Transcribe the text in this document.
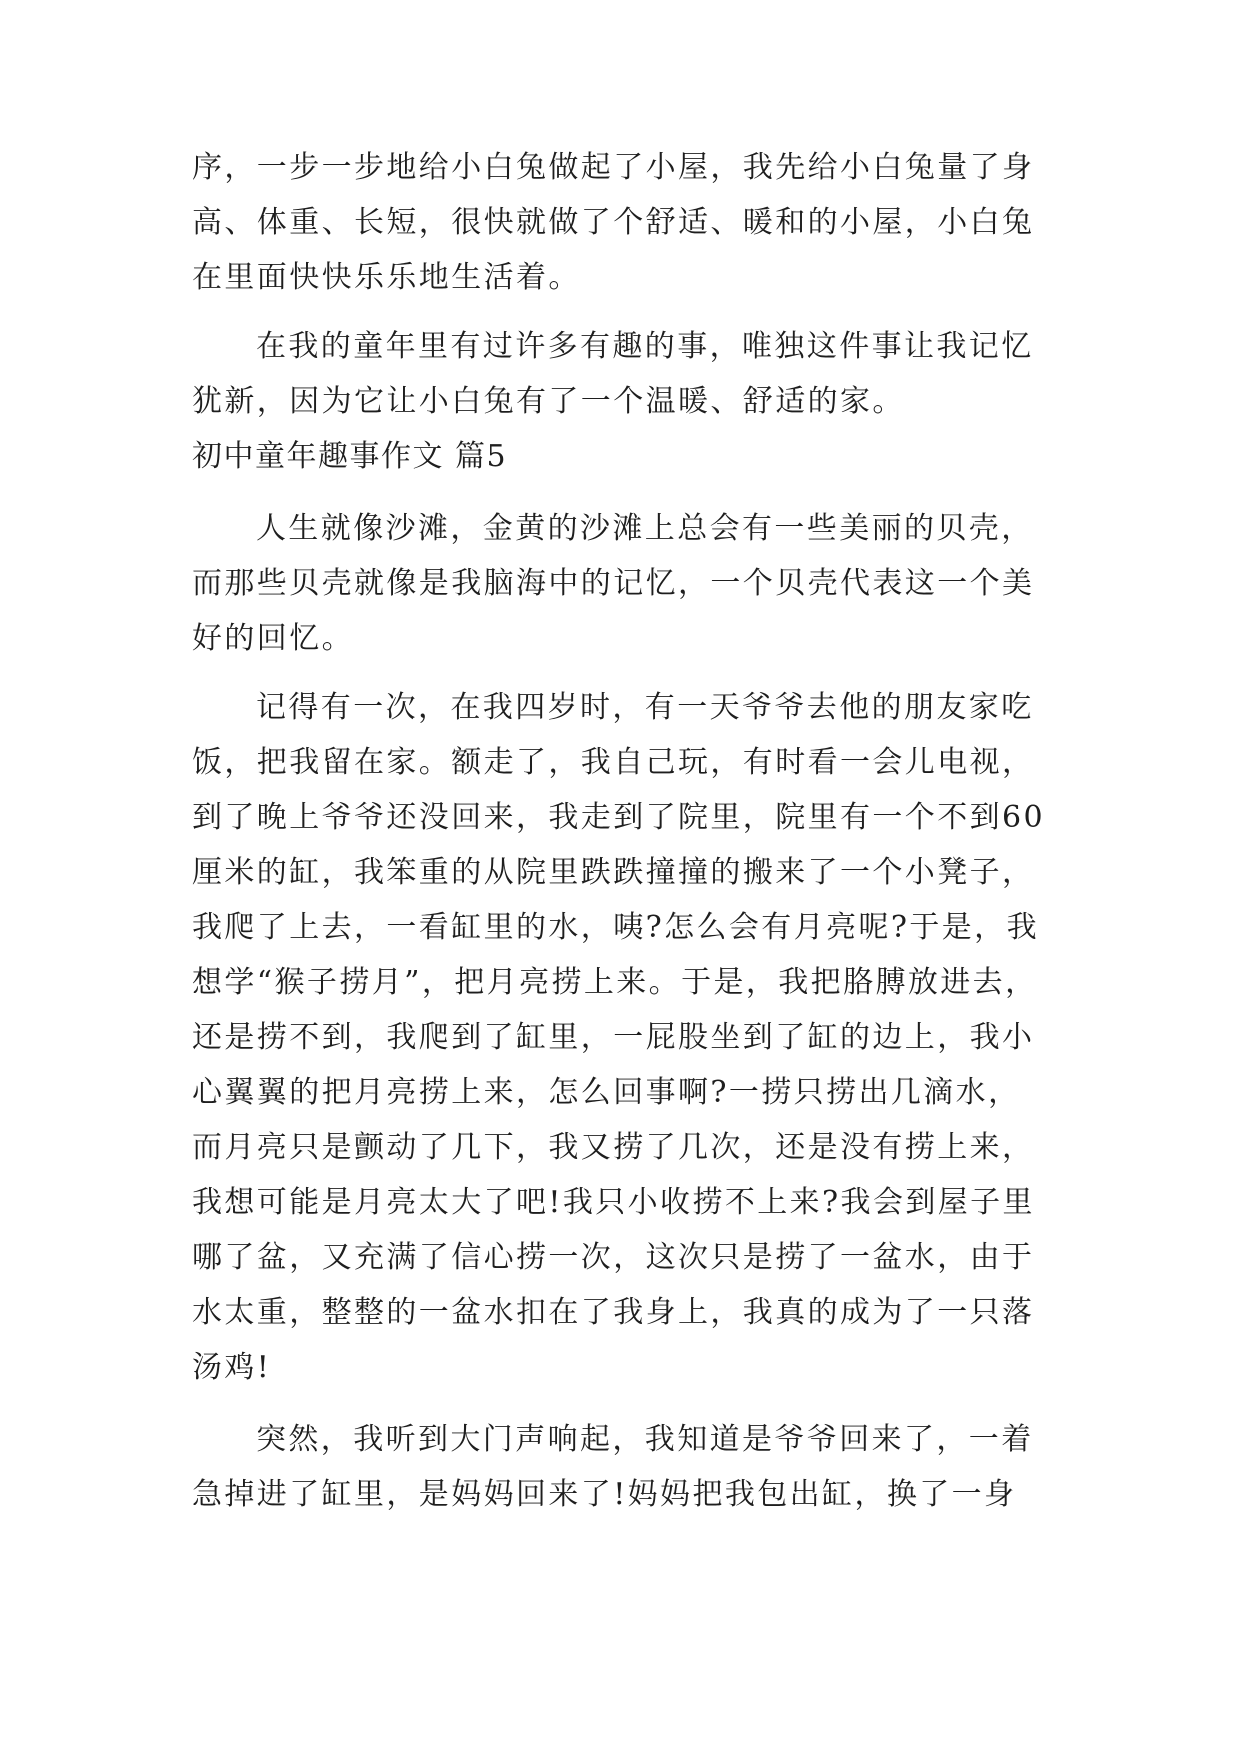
序，一步一步地给小白兔做起了小屋，我先给小白兔量了身
高、体重、长短，很快就做了个舒适、暖和的小屋，小白兔
在里面快快乐乐地生活着。
在我的童年里有过许多有趣的事，唯独这件事让我记忆
犹新，因为它让小白兔有了一个温暖、舒适的家。
初中童年趣事作文 篇5
人生就像沙滩，金黄的沙滩上总会有一些美丽的贝壳，
而那些贝壳就像是我脑海中的记忆，一个贝壳代表这一个美
好的回忆。
记得有一次，在我四岁时，有一天爷爷去他的朋友家吃
饭，把我留在家。额走了，我自己玩，有时看一会儿电视，
到了晚上爷爷还没回来，我走到了院里，院里有一个不到60
厘米的缸，我笨重的从院里跌跌撞撞的搬来了一个小凳子，
我爬了上去，一看缸里的水，咦?怎么会有月亮呢?于是，我
想学“猴子捞月”，把月亮捞上来。于是，我把胳膊放进去，
还是捞不到，我爬到了缸里，一屁股坐到了缸的边上，我小
心翼翼的把月亮捞上来，怎么回事啊?一捞只捞出几滴水，
而月亮只是颤动了几下，我又捞了几次，还是没有捞上来，
我想可能是月亮太大了吧!我只小收捞不上来?我会到屋子里
哪了盆，又充满了信心捞一次，这次只是捞了一盆水，由于
水太重，整整的一盆水扣在了我身上，我真的成为了一只落
汤鸡!
突然，我听到大门声响起，我知道是爷爷回来了，一着
急掉进了缸里，是妈妈回来了!妈妈把我包出缸，换了一身
